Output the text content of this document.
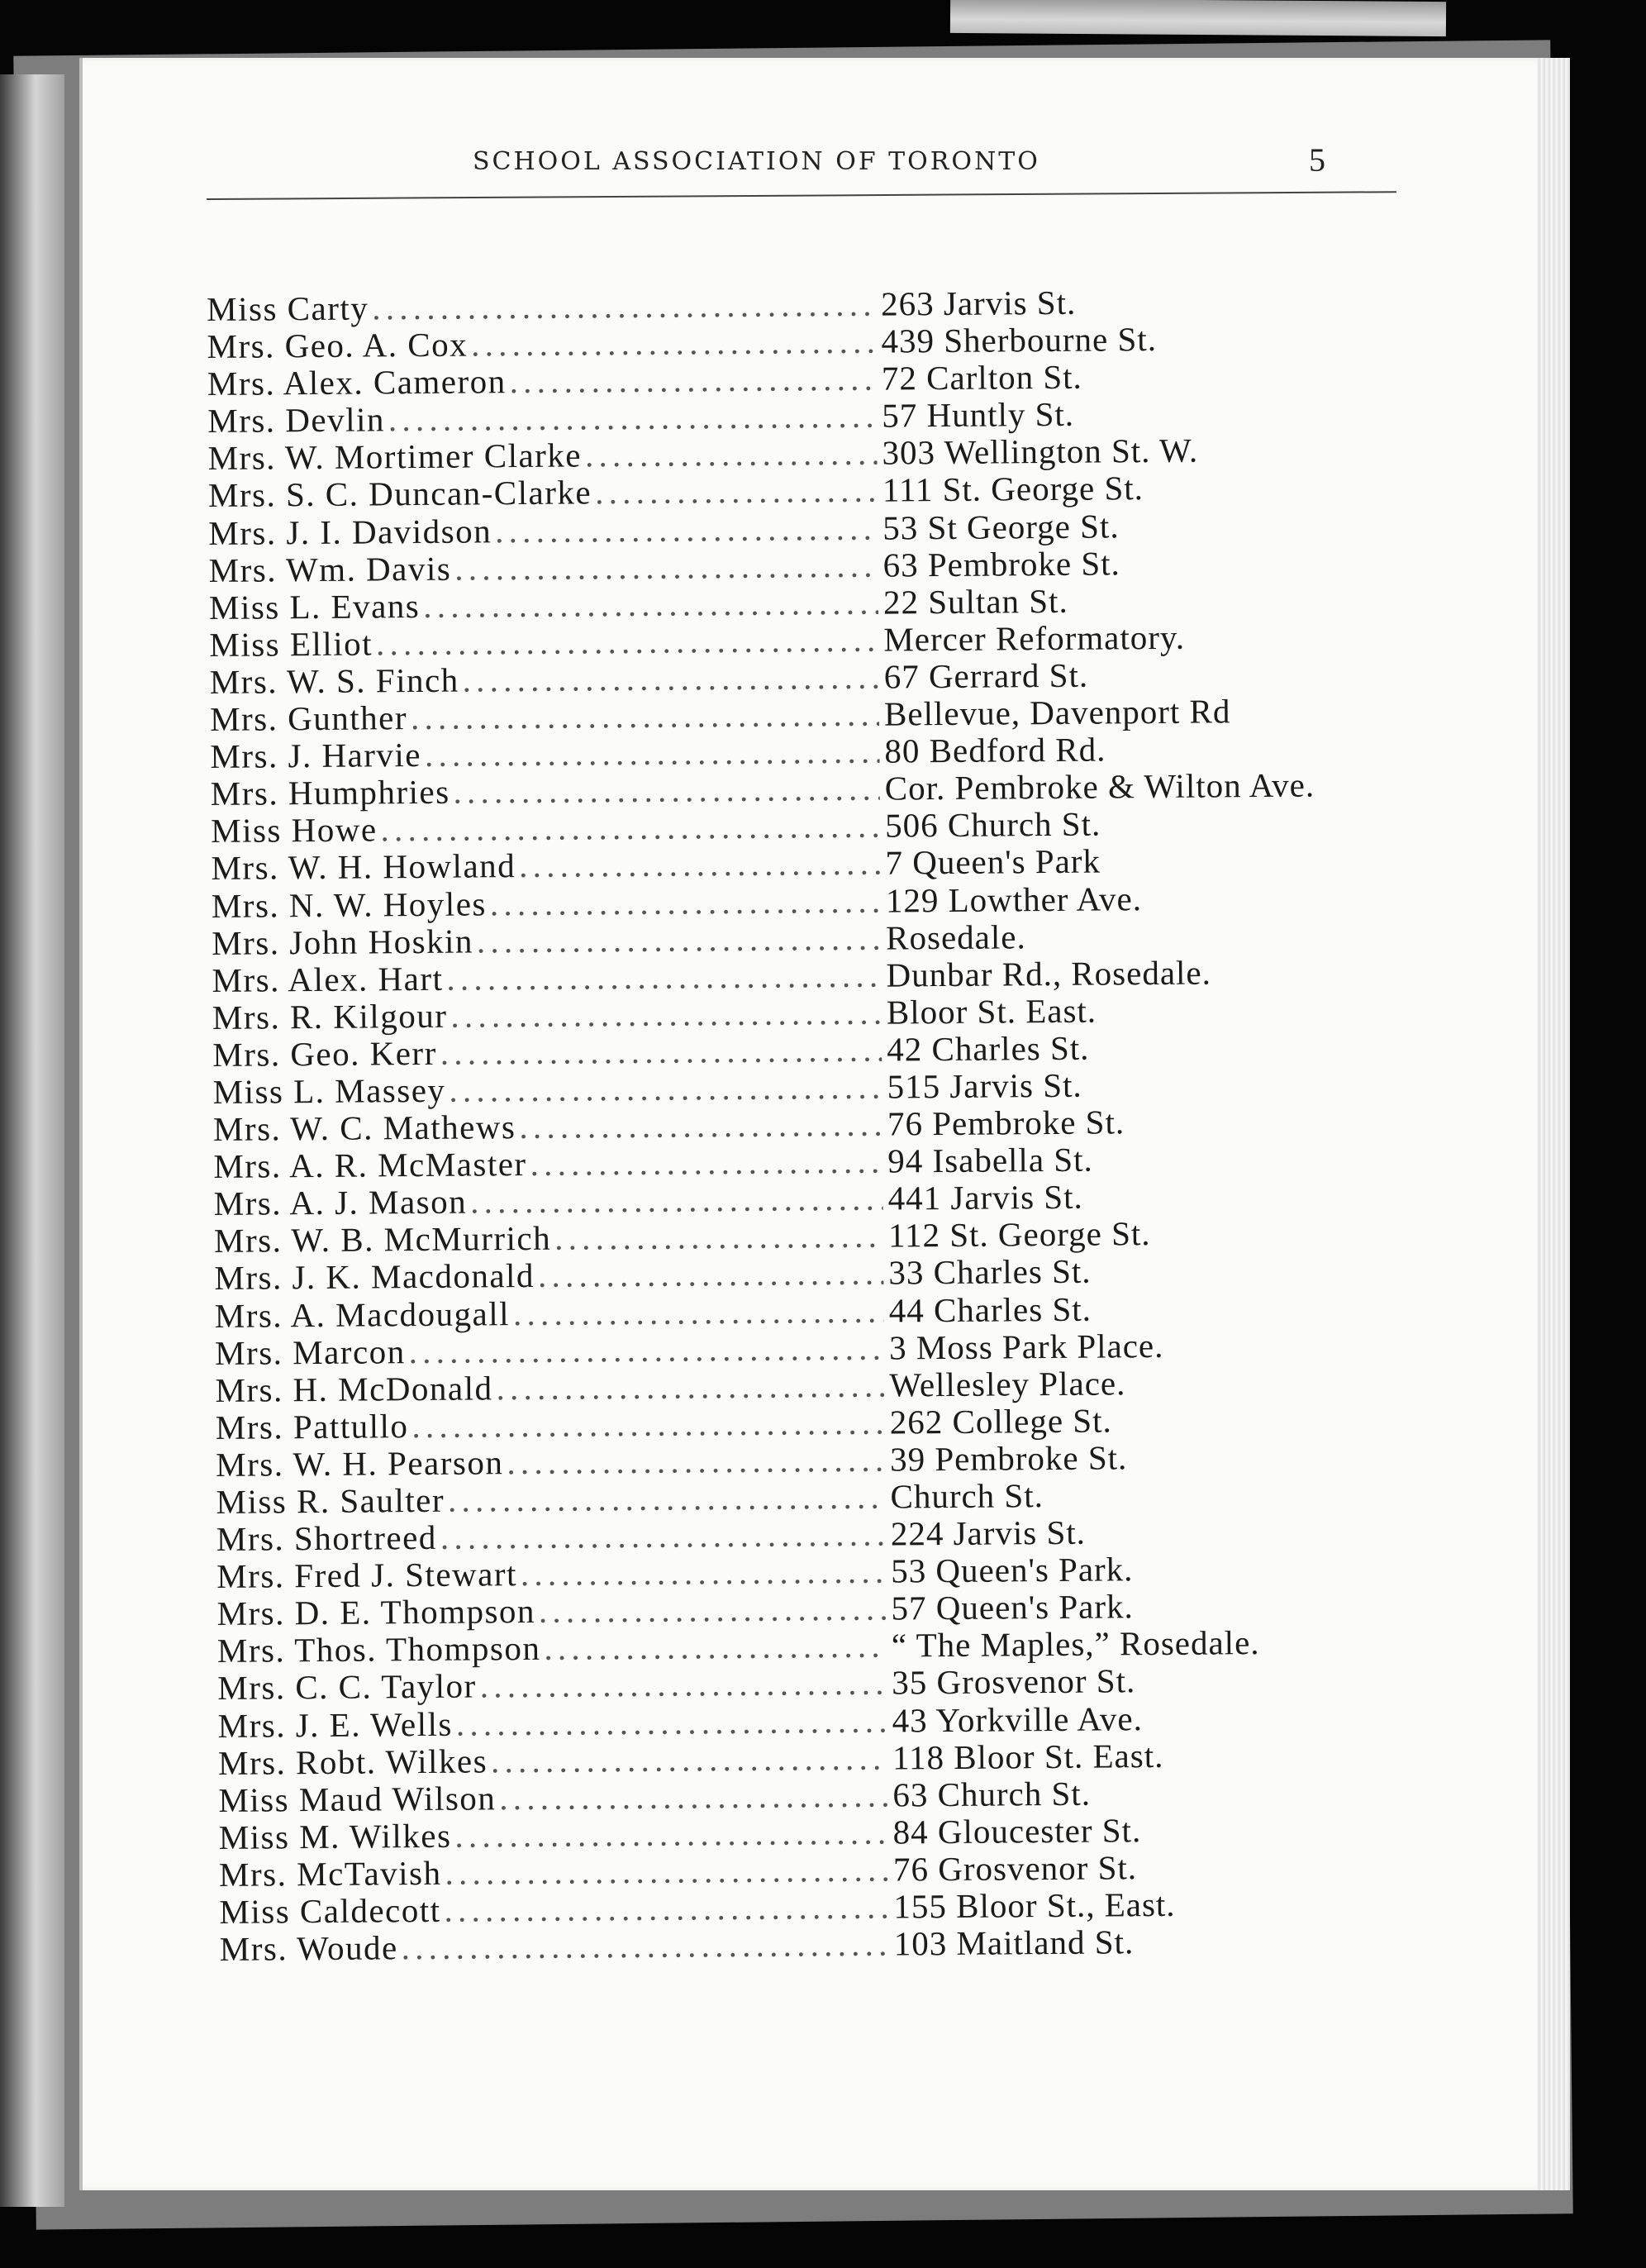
SCHOOL ASSOCIATION OF TORONTO	5
Miss Carty . . .	263 Jarvis St.
Mrs. Geo. A. Cox . . .	439 Sherbourne St.
Mrs. Alex. Cameron . . .	72 Carlton St.
Mrs. Devlin . . .	57 Huntly St.
Mrs. W. Mortimer Clarke . . .	303 Wellington St. W.
Mrs. S. C. Duncan-Clarke . . .	111 St. George St.
Mrs. J. I. Davidson . . .	53 St George St.
Mrs. Wm. Davis . . .	63 Pembroke St.
Miss L. Evans . . .	22 Sultan St.
Miss Elliot . . .	Mercer Reformatory.
Mrs. W. S. Finch . . .	67 Gerrard St.
Mrs. Gunther . . .	Bellevue, Davenport Rd
Mrs. J. Harvie . . .	80 Bedford Rd.
Mrs. Humphries . . .	Cor. Pembroke & Wilton Ave.
Miss Howe . . .	506 Church St.
Mrs. W. H. Howland . . .	7 Queen's Park
Mrs. N. W. Hoyles . . .	129 Lowther Ave.
Mrs. John Hoskin . . .	Rosedale.
Mrs. Alex. Hart . . .	Dunbar Rd., Rosedale.
Mrs. R. Kilgour . . .	Bloor St. East.
Mrs. Geo. Kerr . . .	42 Charles St.
Miss L. Massey . . .	515 Jarvis St.
Mrs. W. C. Mathews . . .	76 Pembroke St.
Mrs. A. R. McMaster . . .	94 Isabella St.
Mrs. A. J. Mason . . .	441 Jarvis St.
Mrs. W. B. McMurrich . . .	112 St. George St.
Mrs. J. K. Macdonald . . .	33 Charles St.
Mrs. A. Macdougall . . .	44 Charles St.
Mrs. Marcon . . .	3 Moss Park Place.
Mrs. H. McDonald . . .	Wellesley Place.
Mrs. Pattullo . . .	262 College St.
Mrs. W. H. Pearson . . .	39 Pembroke St.
Miss R. Saulter . . .	Church St.
Mrs. Shortreed . . .	224 Jarvis St.
Mrs. Fred J. Stewart . . .	53 Queen's Park.
Mrs. D. E. Thompson . . .	57 Queen's Park.
Mrs. Thos. Thompson . . .	“ The Maples,” Rosedale.
Mrs. C. C. Taylor . . .	35 Grosvenor St.
Mrs. J. E. Wells . . .	43 Yorkville Ave.
Mrs. Robt. Wilkes . . .	118 Bloor St. East.
Miss Maud Wilson . . .	63 Church St.
Miss M. Wilkes . . .	84 Gloucester St.
Mrs. McTavish . . .	76 Grosvenor St.
Miss Caldecott . . .	155 Bloor St., East.
Mrs. Woude . . .	103 Maitland St.
